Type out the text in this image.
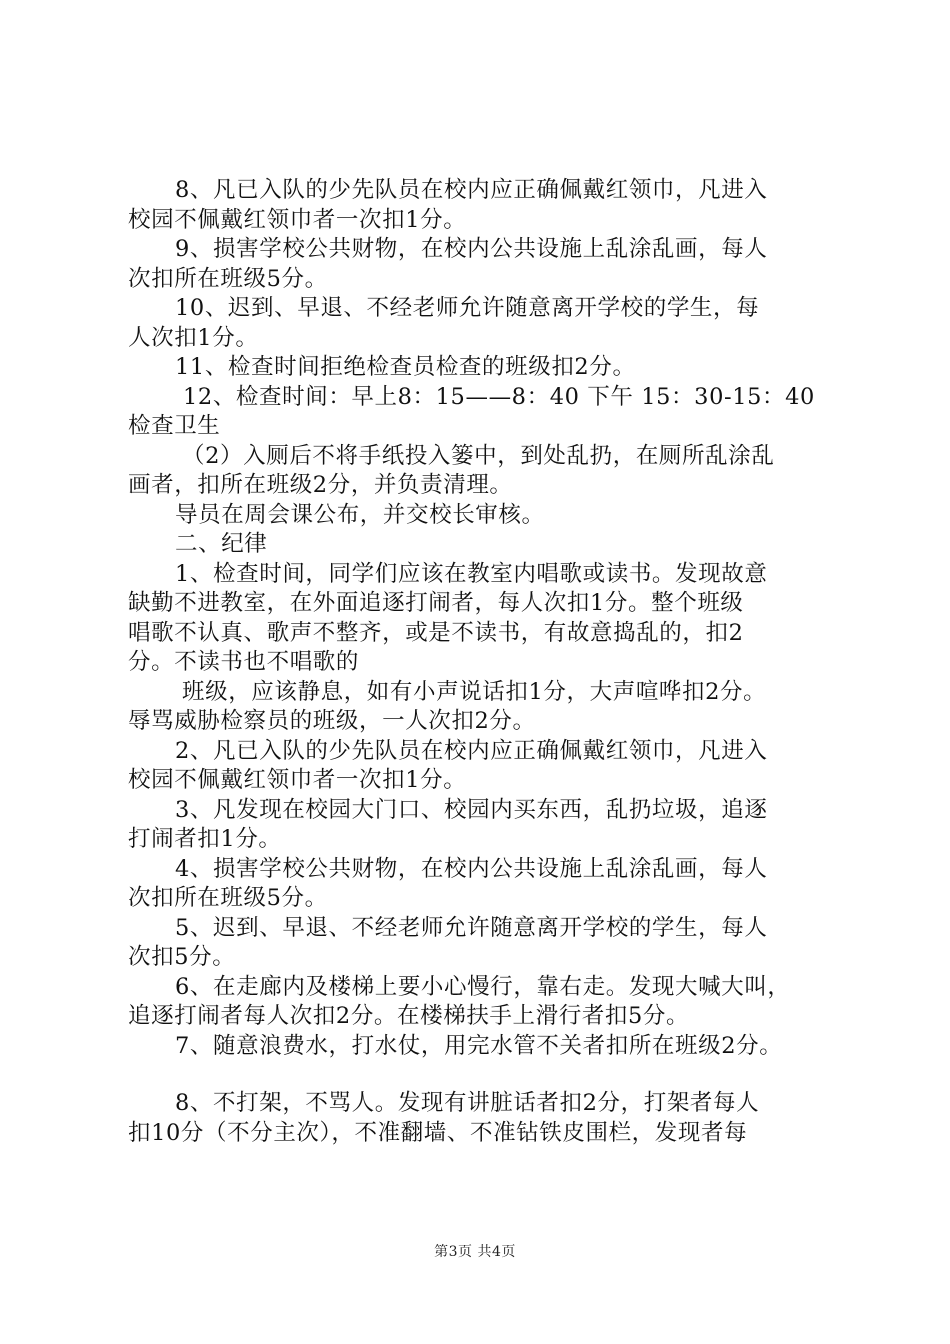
8、凡已入队的少先队员在校内应正确佩戴红领巾，凡进入
校园不佩戴红领巾者一次扣1分。
9、损害学校公共财物，在校内公共设施上乱涂乱画，每人
次扣所在班级5分。
10、迟到、早退、不经老师允许随意离开学校的学生，每
人次扣1分。
11、检查时间拒绝检查员检查的班级扣2分。
12、检查时间：早上8：15——8：40 下午 15：30-15：40
检查卫生
（2）入厕后不将手纸投入篓中，到处乱扔，在厕所乱涂乱
画者，扣所在班级2分，并负责清理。
导员在周会课公布，并交校长审核。
二、纪律
1、检查时间，同学们应该在教室内唱歌或读书。发现故意
缺勤不进教室，在外面追逐打闹者，每人次扣1分。整个班级
唱歌不认真、歌声不整齐，或是不读书，有故意捣乱的，扣2
分。不读书也不唱歌的
班级，应该静息，如有小声说话扣1分，大声喧哗扣2分。
辱骂威胁检察员的班级，一人次扣2分。
2、凡已入队的少先队员在校内应正确佩戴红领巾，凡进入
校园不佩戴红领巾者一次扣1分。
3、凡发现在校园大门口、校园内买东西，乱扔垃圾，追逐
打闹者扣1分。
4、损害学校公共财物，在校内公共设施上乱涂乱画，每人
次扣所在班级5分。
5、迟到、早退、不经老师允许随意离开学校的学生，每人
次扣5分。
6、在走廊内及楼梯上要小心慢行，靠右走。发现大喊大叫，
追逐打闹者每人次扣2分。在楼梯扶手上滑行者扣5分。
7、随意浪费水，打水仗，用完水管不关者扣所在班级2分。
8、不打架，不骂人。发现有讲脏话者扣2分，打架者每人
扣10分（不分主次），不准翻墙、不准钻铁皮围栏，发现者每
第3页 共4页
